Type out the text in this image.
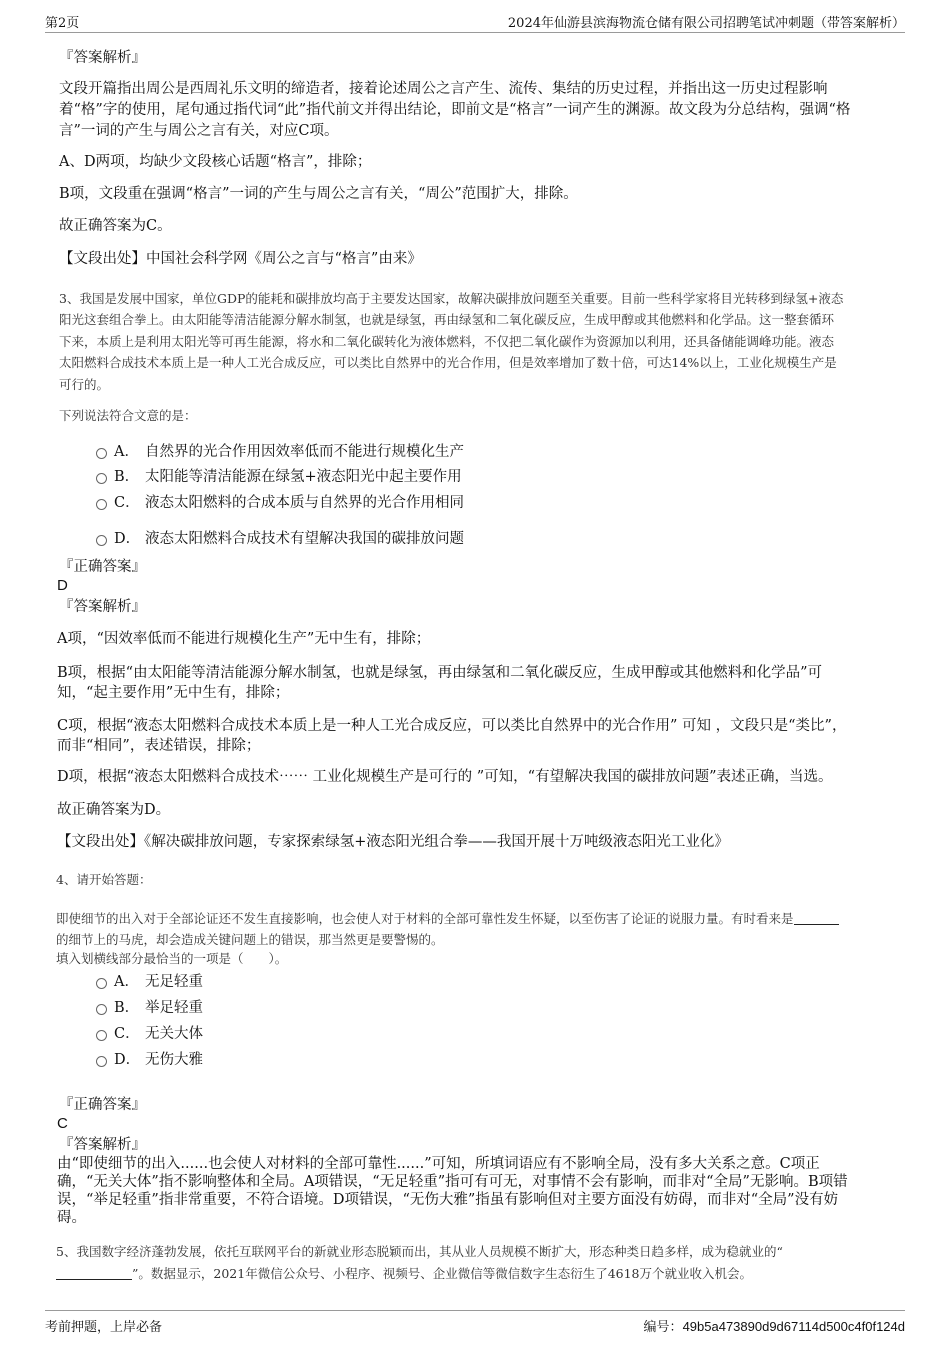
第2页	2024年仙游县滨海物流仓储有限公司招聘笔试冲刺题（带答案解析）
『答案解析』
文段开篇指出周公是西周礼乐文明的缔造者，接着论述周公之言产生、流传、集结的历史过程，并指出这一历史过程影响
着“格”字的使用，尾句通过指代词“此”指代前文并得出结论，即前文是“格言”一词产生的渊源。故文段为分总结构，强调“格
言”一词的产生与周公之言有关，对应C项。
A、D两项，均缺少文段核心话题“格言”，排除；
B项，文段重在强调“格言”一词的产生与周公之言有关，“周公”范围扩大，排除。
故正确答案为C。
【文段出处】中国社会科学网《周公之言与“格言”由来》
3、我国是发展中国家，单位GDP的能耗和碳排放均高于主要发达国家，故解决碳排放问题至关重要。目前一些科学家将目光转移到绿氢+液态
阳光这套组合拳上。由太阳能等清洁能源分解水制氢，也就是绿氢，再由绿氢和二氧化碳反应，生成甲醇或其他燃料和化学品。这一整套循环
下来，本质上是利用太阳光等可再生能源，将水和二氧化碳转化为液体燃料，不仅把二氧化碳作为资源加以利用，还具备储能调峰功能。液态
太阳燃料合成技术本质上是一种人工光合成反应，可以类比自然界中的光合作用，但是效率增加了数十倍，可达14%以上，工业化规模生产是
可行的。
下列说法符合文意的是：
A． 自然界的光合作用因效率低而不能进行规模化生产
B． 太阳能等清洁能源在绿氢+液态阳光中起主要作用
C． 液态太阳燃料的合成本质与自然界的光合作用相同
D． 液态太阳燃料合成技术有望解决我国的碳排放问题
『正确答案』
D
『答案解析』
A项，“因效率低而不能进行规模化生产”无中生有，排除；
B项，根据“由太阳能等清洁能源分解水制氢，也就是绿氢，再由绿氢和二氧化碳反应，生成甲醇或其他燃料和化学品”可
知，“起主要作用”无中生有，排除；
C项，根据“液态太阳燃料合成技术本质上是一种人工光合成反应，可以类比自然界中的光合作用” 可知 ，文段只是“类比”，
而非“相同”，表述错误，排除；
D项，根据“液态太阳燃料合成技术⋯⋯ 工业化规模生产是可行的 ”可知，“有望解决我国的碳排放问题”表述正确，当选。
故正确答案为D。
【文段出处】《解决碳排放问题，专家探索绿氢+液态阳光组合拳——我国开展十万吨级液态阳光工业化》
4、请开始答题：
即使细节的出入对于全部论证还不发生直接影响，也会使人对于材料的全部可靠性发生怀疑，以至伤害了论证的说服力量。有时看来是
的细节上的马虎，却会造成关键问题上的错误，那当然更是要警惕的。
填入划横线部分最恰当的一项是（　　）。
A． 无足轻重
B． 举足轻重
C． 无关大体
D． 无伤大雅
『正确答案』
C
『答案解析』
由“即使细节的出入......也会使人对材料的全部可靠性......”可知，所填词语应有不影响全局，没有多大关系之意。C项正
确，“无关大体”指不影响整体和全局。A项错误，“无足轻重”指可有可无，对事情不会有影响，而非对“全局”无影响。B项错
误，“举足轻重”指非常重要，不符合语境。D项错误，“无伤大雅”指虽有影响但对主要方面没有妨碍，而非对“全局”没有妨
碍。
5、我国数字经济蓬勃发展，依托互联网平台的新就业形态脱颖而出，其从业人员规模不断扩大，形态种类日趋多样，成为稳就业的“
”。数据显示，2021年微信公众号、小程序、视频号、企业微信等微信数字生态衍生了4618万个就业收入机会。
考前押题，上岸必备	编号：49b5a473890d9d67114d500c4f0f124d
